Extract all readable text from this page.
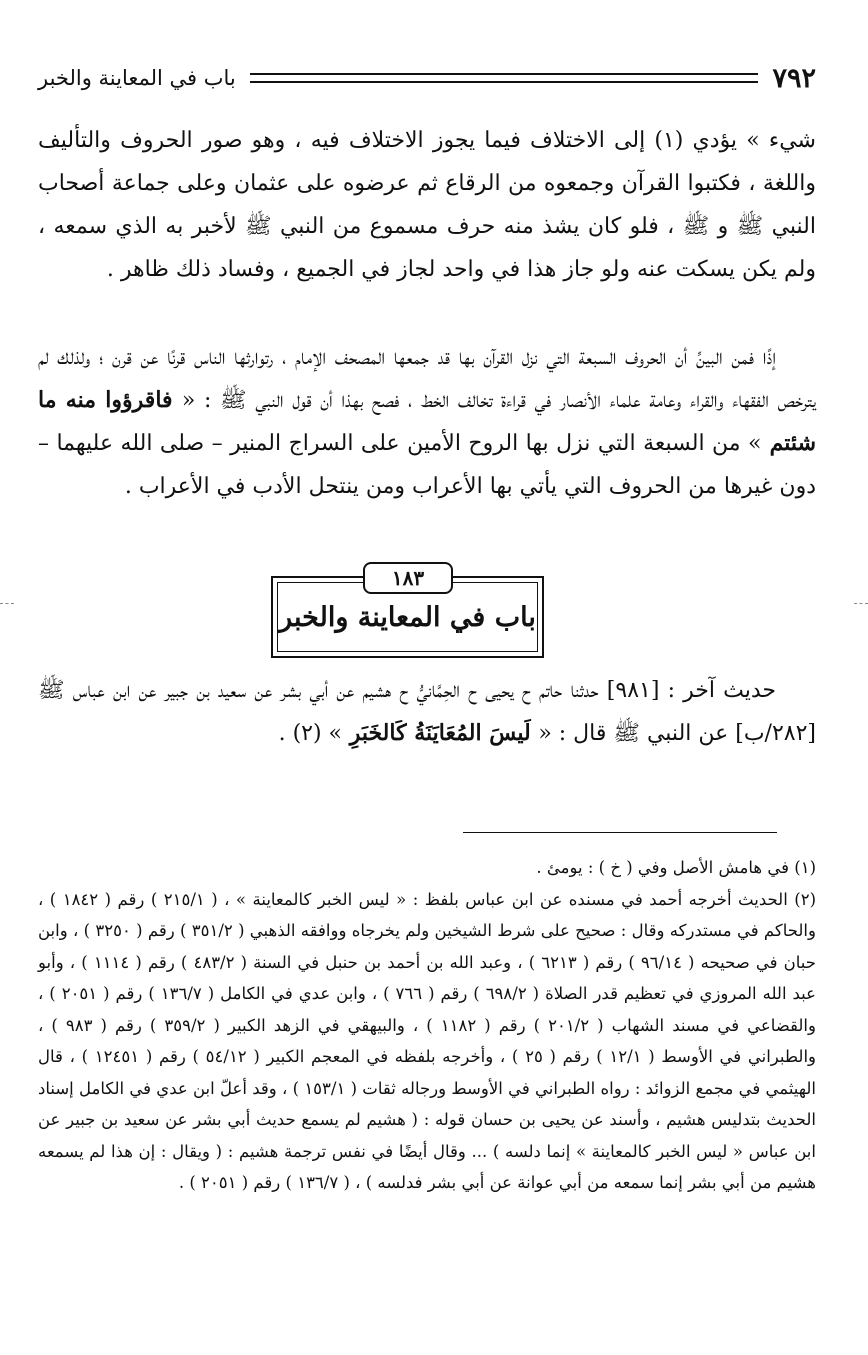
٧٩٢
باب في المعاينة والخبر

شيء » يؤدي (١) إلى الاختلاف فيما يجوز الاختلاف فيه ، وهو صور الحروف والتأليف واللغة ، فكتبوا القرآن وجمعوه من الرقاع ثم عرضوه على عثمان وعلى جماعة أصحاب النبي ﷺ و ﷺ ، فلو كان يشذ منه حرف مسموع من النبي ﷺ لأخبر به الذي سمعه ، ولم يكن يسكت عنه ولو جاز هذا في واحد لجاز في الجميع ، وفساد ذلك ظاهر .

إذًا فمن البينِّ أن الحروف السبعة التي نزل القرآن بها قد جمعها المصحف الإمام ، رتوارثها الناس قرنًا عن قرن ؛ ولذلك لم يترخص الفقهاء والقراء وعامة علماء الأنصار في قراءة تخالف الخط ، فصح بهذا أن قول النبي ﷺ : « فاقرؤوا منه ما شئتم » من السبعة التي نزل بها الروح الأمين على السراج المنير – صلى الله عليهما – دون غيرها من الحروف التي يأتي بها الأعراب ومن ينتحل الأدب في الأعراب .

باب في المعاينة والخبر
١٨٣

حديث آخر : [٩٨١] حدثنا حاتم ح يحيى ح الحِمَّانيُّ ح هشيم عن أبي بشر عن سعيد بن جبير عن ابن عباس ﷺ [٢٨٢/ب] عن النبي ﷺ قال : « لَيسَ المُعَايَنَةُ كَالخَبَرِ » (٢) .

(١) في هامش الأصل وفي ( خ ) : يومئ .

(٢) الحديث أخرجه أحمد في مسنده عن ابن عباس بلفظ : « ليس الخبر كالمعاينة » ، ( ٢١٥/١ ) رقم ( ١٨٤٢ ) ، والحاكم في مستدركه وقال : صحيح على شرط الشيخين ولم يخرجاه ووافقه الذهبي ( ٣٥١/٢ ) رقم ( ٣٢٥٠ ) ، وابن حبان في صحيحه ( ٩٦/١٤ ) رقم ( ٦٢١٣ ) ، وعبد الله بن أحمد بن حنبل في السنة ( ٤٨٣/٢ ) رقم ( ١١١٤ ) ، وأبو عبد الله المروزي في تعظيم قدر الصلاة ( ٦٩٨/٢ ) رقم ( ٧٦٦ ) ، وابن عدي في الكامل ( ١٣٦/٧ ) رقم ( ٢٠٥١ ) ، والقضاعي في مسند الشهاب ( ٢٠١/٢ ) رقم ( ١١٨٢ ) ، والبيهقي في الزهد الكبير ( ٣٥٩/٢ ) رقم ( ٩٨٣ ) ، والطبراني في الأوسط ( ١٢/١ ) رقم ( ٢٥ ) ، وأخرجه بلفظه في المعجم الكبير ( ٥٤/١٢ ) رقم ( ١٢٤٥١ ) ، قال الهيثمي في مجمع الزوائد : رواه الطبراني في الأوسط ورجاله ثقات ( ١٥٣/١ ) ، وقد أعلّ ابن عدي في الكامل إسناد الحديث بتدليس هشيم ، وأسند عن يحيى بن حسان قوله : ( هشيم لم يسمع حديث أبي بشر عن سعيد بن جبير عن ابن عباس « ليس الخبر كالمعاينة » إنما دلسه ) ... وقال أيضًا في نفس ترجمة هشيم : ( ويقال : إن هذا لم يسمعه هشيم من أبي بشر إنما سمعه من أبي عوانة عن أبي بشر فدلسه ) ، ( ١٣٦/٧ ) رقم ( ٢٠٥١ ) .
